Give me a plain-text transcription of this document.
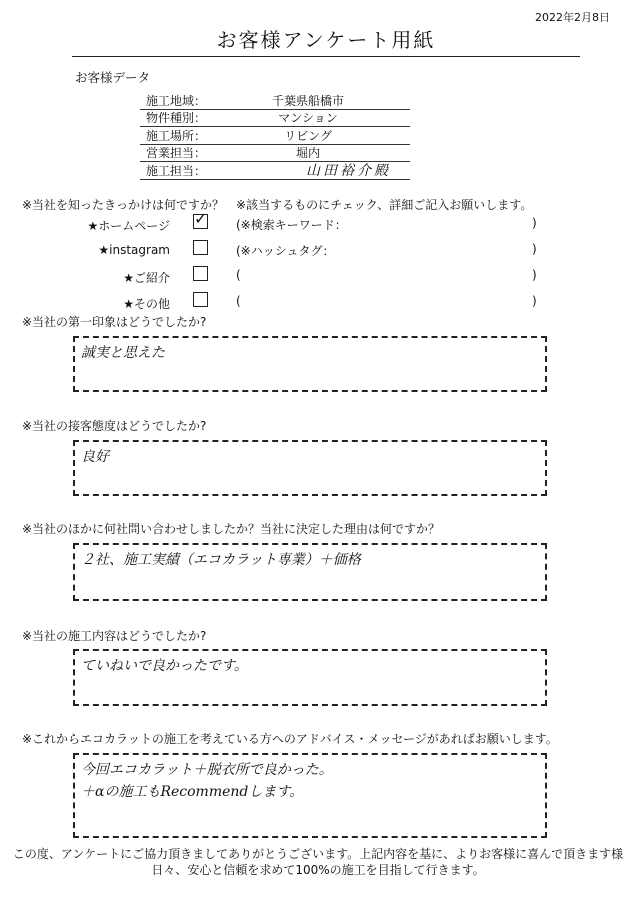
2022年2月8日
お客様アンケート用紙
お客様データ
施工地域：	千葉県船橋市
物件種別：	マンション
施工場所：	リビング
営業担当：	堀内
施工担当：	山田裕介殿
※当社を知ったきっかけは何ですか？　※該当するものにチェック、詳細ご記入お願いします。
★ホームページ ✓ (※検索キーワード：	)
★instagram	(※ハッシュタグ：	)
★ご紹介	(	)
★その他	(	)
※当社の第一印象はどうでしたか?
誠実と思えた
※当社の接客態度はどうでしたか?
良好
※当社のほかに何社問い合わせしましたか？当社に決定した理由は何ですか？
２社、施工実績（エコカラット専業）＋価格
※当社の施工内容はどうでしたか?
ていねいで良かったです。
※これからエコカラットの施工を考えている方へのアドバイス・メッセージがあればお願いします。
今回エコカラット＋脱衣所で良かった。
＋αの施工もRecommendします。
この度、アンケートにご協力頂きましてありがとうございます。上記内容を基に、よりお客様に喜んで頂きます様
日々、安心と信頼を求めて100%の施工を目指して行きます。
